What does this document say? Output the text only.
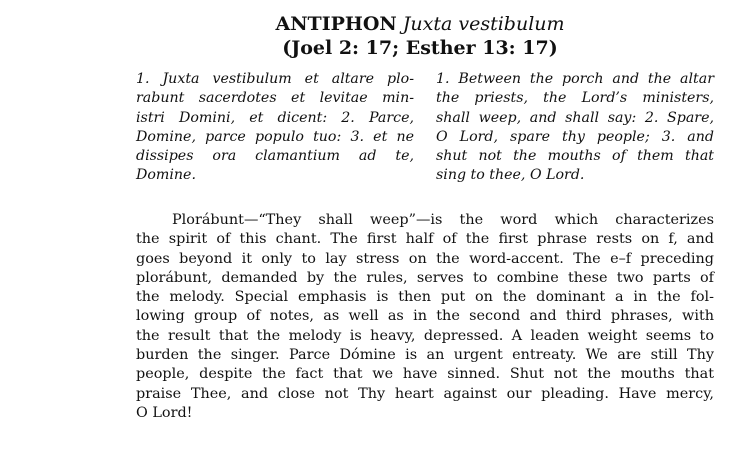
ANTIPHON Juxta vestibulum
(Joel 2: 17; Esther 13: 17)
1. Juxta vestibulum et altare plo-
rabunt sacerdotes et levitae min-
istri Domini, et dicent: 2. Parce,
Domine, parce populo tuo: 3. et ne
dissipes ora clamantium ad te,
Domine.
1. Between the porch and the altar
the priests, the Lord’s ministers,
shall weep, and shall say: 2. Spare,
O Lord, spare thy people; 3. and
shut not the mouths of them that
sing to thee, O Lord.
Plorábunt—“They shall weep”—is the word which characterizes
the spirit of this chant. The first half of the first phrase rests on f, and
goes beyond it only to lay stress on the word-accent. The e–f preceding
plorábunt, demanded by the rules, serves to combine these two parts of
the melody. Special emphasis is then put on the dominant a in the fol-
lowing group of notes, as well as in the second and third phrases, with
the result that the melody is heavy, depressed. A leaden weight seems to
burden the singer. Parce Dómine is an urgent entreaty. We are still Thy
people, despite the fact that we have sinned. Shut not the mouths that
praise Thee, and close not Thy heart against our pleading. Have mercy,
O Lord!
